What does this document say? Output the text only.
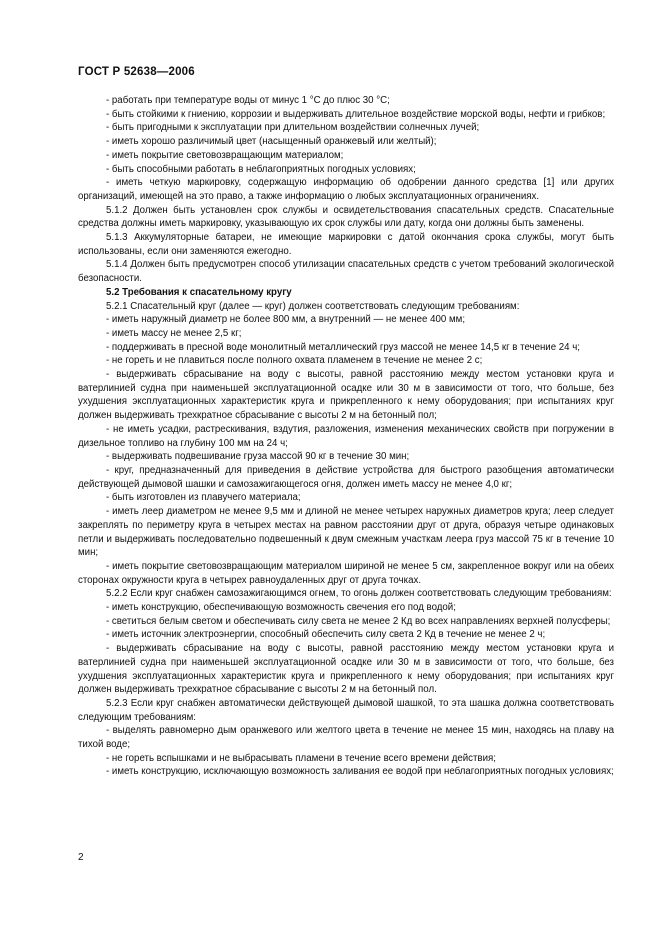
ГОСТ Р 52638—2006

- работать при температуре воды от минус 1 °С до плюс 30 °С;

- быть стойкими к гниению, коррозии и выдерживать длительное воздействие морской воды, нефти и грибков;

- быть пригодными к эксплуатации при длительном воздействии солнечных лучей;

- иметь хорошо различимый цвет (насыщенный оранжевый или желтый);

- иметь покрытие световозвращающим материалом;

- быть способными работать в неблагоприятных погодных условиях;

- иметь четкую маркировку, содержащую информацию об одобрении данного средства [1] или других организаций, имеющей на это право, а также информацию о любых эксплуатационных ограничениях.

5.1.2 Должен быть установлен срок службы и освидетельствования спасательных средств. Спасательные средства должны иметь маркировку, указывающую их срок службы или дату, когда они должны быть заменены.

5.1.3 Аккумуляторные батареи, не имеющие маркировки с датой окончания срока службы, могут быть использованы, если они заменяются ежегодно.

5.1.4 Должен быть предусмотрен способ утилизации спасательных средств с учетом требований экологической безопасности.

5.2 Требования к спасательному кругу

5.2.1 Спасательный круг (далее — круг) должен соответствовать следующим требованиям:

- иметь наружный диаметр не более 800 мм, а внутренний — не менее 400 мм;

- иметь массу не менее 2,5 кг;

- поддерживать в пресной воде монолитный металлический груз массой не менее 14,5 кг в течение 24 ч;

- не гореть и не плавиться после полного охвата пламенем в течение не менее 2 с;

- выдерживать сбрасывание на воду с высоты, равной расстоянию между местом установки круга и ватерлинией судна при наименьшей эксплуатационной осадке или 30 м в зависимости от того, что больше, без ухудшения эксплуатационных характеристик круга и прикрепленного к нему оборудования; при испытаниях круг должен выдерживать трехкратное сбрасывание с высоты 2 м на бетонный пол;

- не иметь усадки, растрескивания, вздутия, разложения, изменения механических свойств при погружении в дизельное топливо на глубину 100 мм на 24 ч;

- выдерживать подвешивание груза массой 90 кг в течение 30 мин;

- круг, предназначенный для приведения в действие устройства для быстрого разобщения автоматически действующей дымовой шашки и самозажигающегося огня, должен иметь массу не менее 4,0 кг;

- быть изготовлен из плавучего материала;

- иметь леер диаметром не менее 9,5 мм и длиной не менее четырех наружных диаметров круга; леер следует закреплять по периметру круга в четырех местах на равном расстоянии друг от друга, образуя четыре одинаковых петли и выдерживать последовательно подвешенный к двум смежным участкам леера груз массой 75 кг в течение 10 мин;

- иметь покрытие световозвращающим материалом шириной не менее 5 см, закрепленное вокруг или на обеих сторонах окружности круга в четырех равноудаленных друг от друга точках.

5.2.2 Если круг снабжен самозажигающимся огнем, то огонь должен соответствовать следующим требованиям:

- иметь конструкцию, обеспечивающую возможность свечения его под водой;

- светиться белым светом и обеспечивать силу света не менее 2 Кд во всех направлениях верхней полусферы;

- иметь источник электроэнергии, способный обеспечить силу света 2 Кд в течение не менее 2 ч;

- выдерживать сбрасывание на воду с высоты, равной расстоянию между местом установки круга и ватерлинией судна при наименьшей эксплуатационной осадке или 30 м в зависимости от того, что больше, без ухудшения эксплуатационных характеристик круга и прикрепленного к нему оборудования; при испытаниях круг должен выдерживать трехкратное сбрасывание с высоты 2 м на бетонный пол.

5.2.3 Если круг снабжен автоматически действующей дымовой шашкой, то эта шашка должна соответствовать следующим требованиям:

- выделять равномерно дым оранжевого или желтого цвета в течение не менее 15 мин, находясь на плаву на тихой воде;

- не гореть вспышками и не выбрасывать пламени в течение всего времени действия;

- иметь конструкцию, исключающую возможность заливания ее водой при неблагоприятных погодных условиях;

2
